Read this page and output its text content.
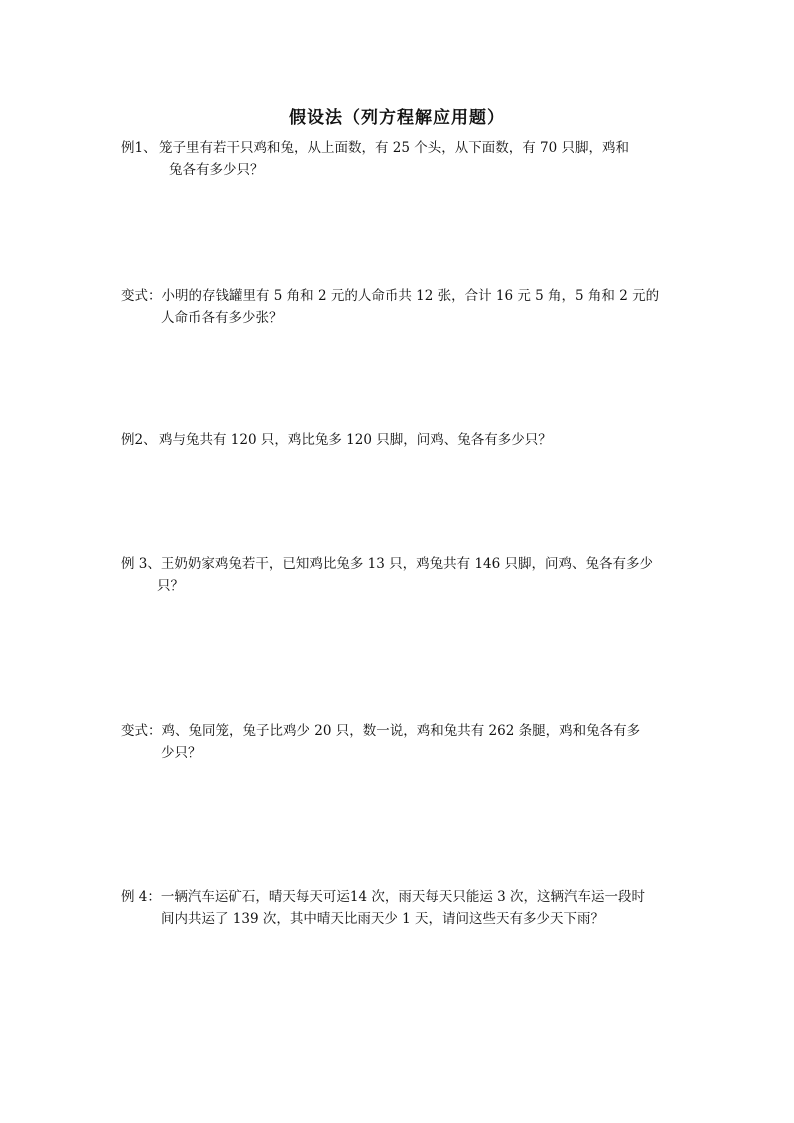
假设法（列方程解应用题）
例1、 笼子里有若干只鸡和兔，从上面数，有 25 个头，从下面数，有 70 只脚，鸡和
兔各有多少只？
变式：小明的存钱罐里有 5 角和 2 元的人命币共 12 张，合计 16 元 5 角，5 角和 2 元的
人命币各有多少张？
例2、 鸡与兔共有 120 只，鸡比兔多 120 只脚，问鸡、兔各有多少只？
例 3、王奶奶家鸡兔若干，已知鸡比兔多 13 只，鸡兔共有 146 只脚，问鸡、兔各有多少
只？
变式：鸡、兔同笼，兔子比鸡少 20 只，数一说，鸡和兔共有 262 条腿，鸡和兔各有多
少只？
例 4：一辆汽车运矿石，晴天每天可运14 次，雨天每天只能运 3 次，这辆汽车运一段时
间内共运了 139 次，其中晴天比雨天少 1 天，请问这些天有多少天下雨？
